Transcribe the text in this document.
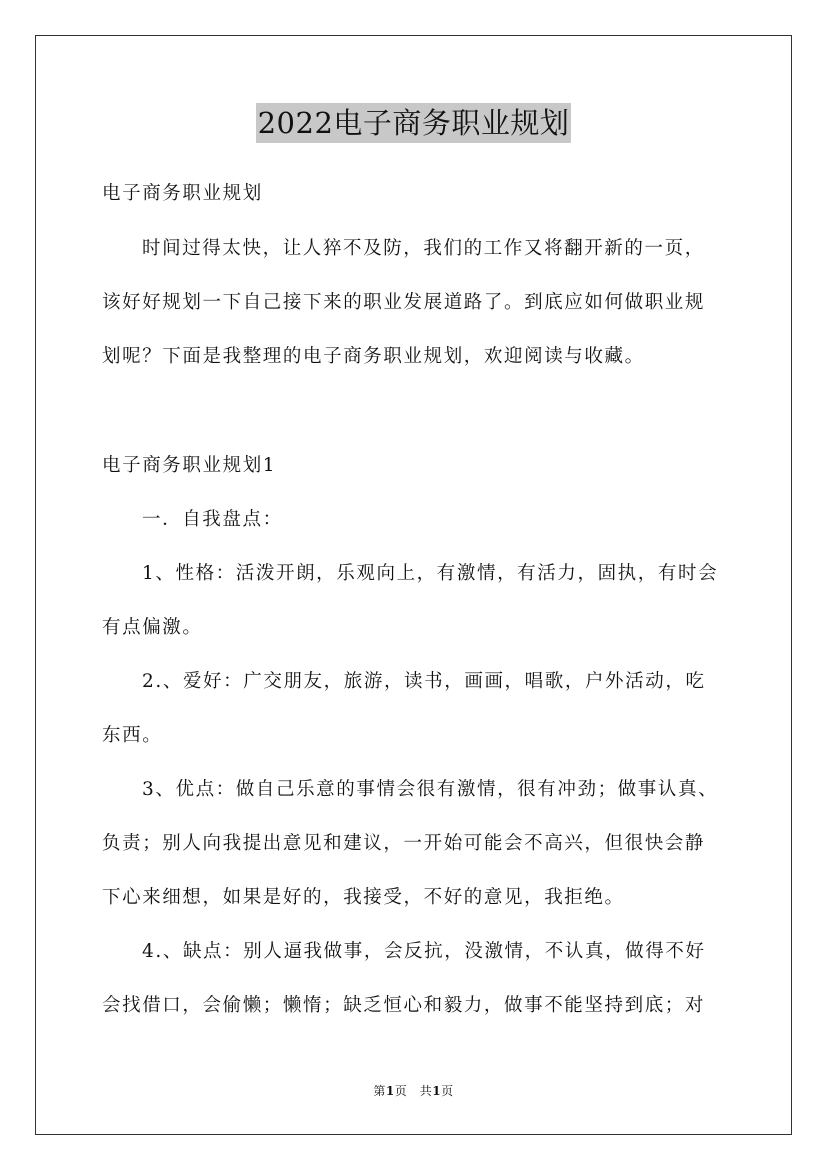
2022电子商务职业规划
电子商务职业规划
时间过得太快，让人猝不及防，我们的工作又将翻开新的一页，
该好好规划一下自己接下来的职业发展道路了。到底应如何做职业规
划呢？下面是我整理的电子商务职业规划，欢迎阅读与收藏。
电子商务职业规划1
一．自我盘点：
1、性格：活泼开朗，乐观向上，有激情，有活力，固执，有时会
有点偏激。
2.、爱好：广交朋友，旅游，读书，画画，唱歌，户外活动，吃
东西。
3、优点：做自己乐意的事情会很有激情，很有冲劲；做事认真、
负责；别人向我提出意见和建议，一开始可能会不高兴，但很快会静
下心来细想，如果是好的，我接受，不好的意见，我拒绝。
4.、缺点：别人逼我做事，会反抗，没激情，不认真，做得不好
会找借口，会偷懒；懒惰；缺乏恒心和毅力，做事不能坚持到底；对
第1页　共1页
